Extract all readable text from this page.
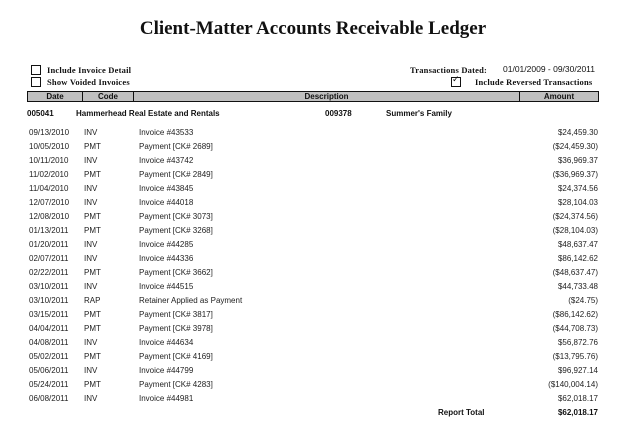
Client-Matter Accounts Receivable Ledger
Include Invoice Detail
Show Voided Invoices
Transactions Dated: 01/01/2009 - 09/30/2011
✓
Include Reversed Transactions
Date	Code	Description	Amount
005041	Hammerhead Real Estate and Rentals	009378	Summer's Family
09/13/2010 INV	Invoice #43533	$24,459.30
10/05/2010 PMT	Payment [CK# 2689]	($24,459.30)
10/11/2010 INV	Invoice #43742	$36,969.37
11/02/2010 PMT	Payment [CK# 2849]	($36,969.37)
11/04/2010 INV	Invoice #43845	$24,374.56
12/07/2010 INV	Invoice #44018	$28,104.03
12/08/2010 PMT	Payment [CK# 3073]	($24,374.56)
01/13/2011 PMT	Payment [CK# 3268]	($28,104.03)
01/20/2011 INV	Invoice #44285	$48,637.47
02/07/2011 INV	Invoice #44336	$86,142.62
02/22/2011 PMT	Payment [CK# 3662]	($48,637.47)
03/10/2011 INV	Invoice #44515	$44,733.48
03/10/2011 RAP	Retainer Applied as Payment	($24.75)
03/15/2011 PMT	Payment [CK# 3817]	($86,142.62)
04/04/2011 PMT	Payment [CK# 3978]	($44,708.73)
04/08/2011 INV	Invoice #44634	$56,872.76
05/02/2011 PMT	Payment [CK# 4169]	($13,795.76)
05/06/2011 INV	Invoice #44799	$96,927.14
05/24/2011 PMT	Payment [CK# 4283]	($140,004.14)
06/08/2011 INV	Invoice #44981	$62,018.17
Report Total	$62,018.17
